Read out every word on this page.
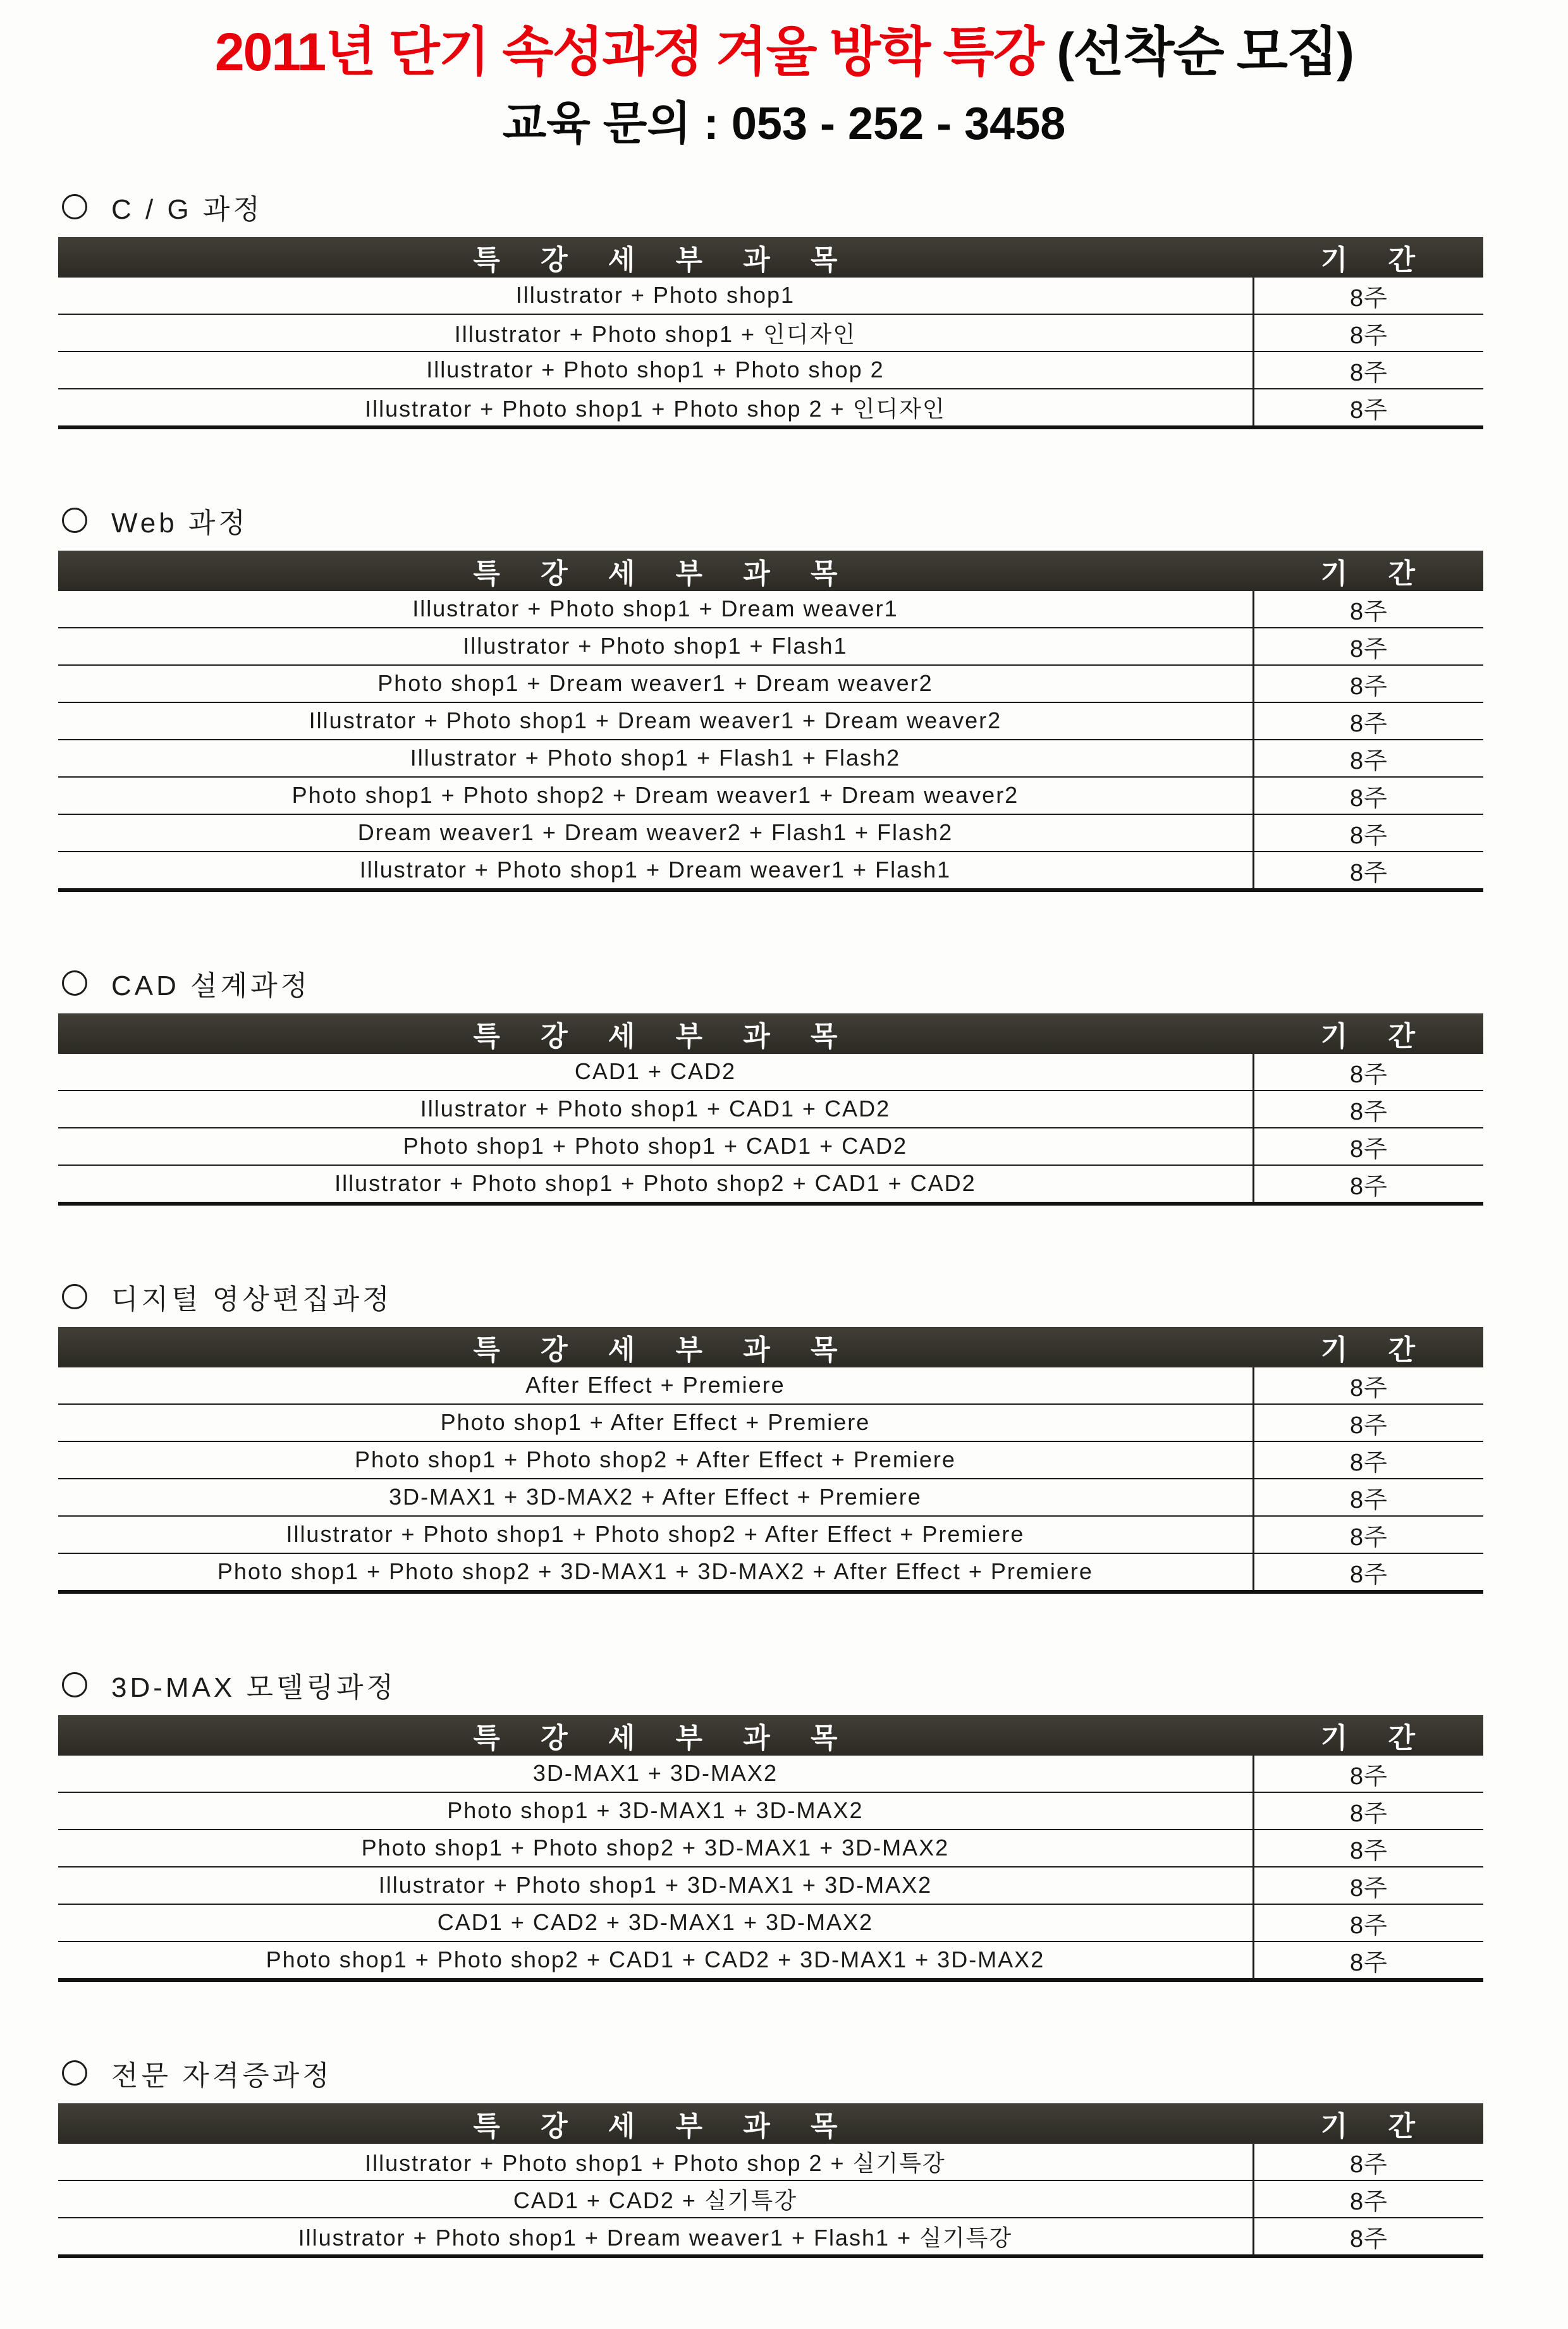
2011년 단기 속성과정 겨울 방학 특강 (선착순 모집)
교육 문의 : 053 - 252 - 3458
C / G 과정
특 강 세 부 과 목	기 간
Illustrator + Photo shop1	8주
Illustrator + Photo shop1 + 인디자인	8주
Illustrator + Photo shop1 + Photo shop 2	8주
Illustrator + Photo shop1 + Photo shop 2 + 인디자인	8주
Web 과정
특 강 세 부 과 목	기 간
Illustrator + Photo shop1 + Dream weaver1	8주
Illustrator + Photo shop1 + Flash1	8주
Photo shop1 + Dream weaver1 + Dream weaver2	8주
Illustrator + Photo shop1 + Dream weaver1 + Dream weaver2	8주
Illustrator + Photo shop1 + Flash1 + Flash2	8주
Photo shop1 + Photo shop2 + Dream weaver1 + Dream weaver2	8주
Dream weaver1 + Dream weaver2 + Flash1 + Flash2	8주
Illustrator + Photo shop1 + Dream weaver1 + Flash1	8주
CAD 설계과정
특 강 세 부 과 목	기 간
CAD1 + CAD2	8주
Illustrator + Photo shop1 + CAD1 + CAD2	8주
Photo shop1 + Photo shop1 + CAD1 + CAD2	8주
Illustrator + Photo shop1 + Photo shop2 + CAD1 + CAD2	8주
디지털 영상편집과정
특 강 세 부 과 목	기 간
After Effect + Premiere	8주
Photo shop1 + After Effect + Premiere	8주
Photo shop1 + Photo shop2 + After Effect + Premiere	8주
3D-MAX1 + 3D-MAX2 + After Effect + Premiere	8주
Illustrator + Photo shop1 + Photo shop2 + After Effect + Premiere	8주
Photo shop1 + Photo shop2 + 3D-MAX1 + 3D-MAX2 + After Effect + Premiere	8주
3D-MAX 모델링과정
특 강 세 부 과 목	기 간
3D-MAX1 + 3D-MAX2	8주
Photo shop1 + 3D-MAX1 + 3D-MAX2	8주
Photo shop1 + Photo shop2 + 3D-MAX1 + 3D-MAX2	8주
Illustrator + Photo shop1 + 3D-MAX1 + 3D-MAX2	8주
CAD1 + CAD2 + 3D-MAX1 + 3D-MAX2	8주
Photo shop1 + Photo shop2 + CAD1 + CAD2 + 3D-MAX1 + 3D-MAX2	8주
전문 자격증과정
특 강 세 부 과 목	기 간
Illustrator + Photo shop1 + Photo shop 2 + 실기특강	8주
CAD1 + CAD2 + 실기특강	8주
Illustrator + Photo shop1 + Dream weaver1 + Flash1 + 실기특강	8주
